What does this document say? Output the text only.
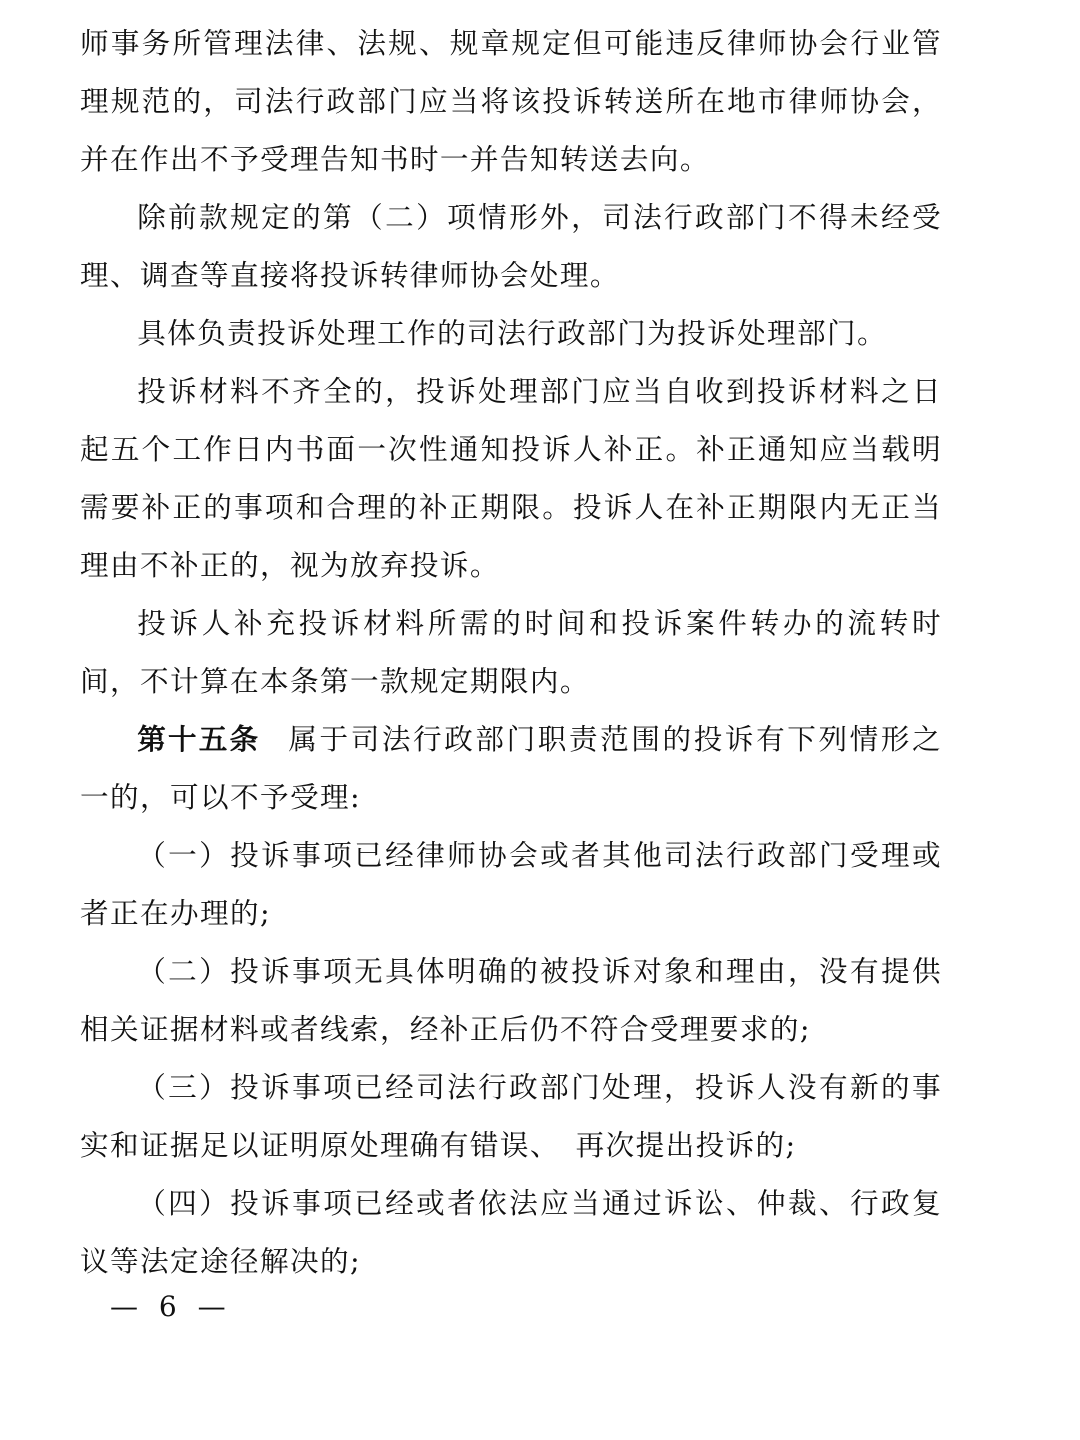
师事务所管理法律、法规、规章规定但可能违反律师协会行业管理规范的，司法行政部门应当将该投诉转送所在地市律师协会，并在作出不予受理告知书时一并告知转送去向。

除前款规定的第（二）项情形外，司法行政部门不得未经受理、调查等直接将投诉转律师协会处理。

具体负责投诉处理工作的司法行政部门为投诉处理部门。

投诉材料不齐全的，投诉处理部门应当自收到投诉材料之日起五个工作日内书面一次性通知投诉人补正。补正通知应当载明需要补正的事项和合理的补正期限。投诉人在补正期限内无正当理由不补正的，视为放弃投诉。

投诉人补充投诉材料所需的时间和投诉案件转办的流转时间，不计算在本条第一款规定期限内。

第十五条 属于司法行政部门职责范围的投诉有下列情形之一的，可以不予受理:

（一）投诉事项已经律师协会或者其他司法行政部门受理或者正在办理的;

（二）投诉事项无具体明确的被投诉对象和理由，没有提供相关证据材料或者线索，经补正后仍不符合受理要求的;

（三）投诉事项已经司法行政部门处理，投诉人没有新的事实和证据足以证明原处理确有错误、　再次提出投诉的;

（四）投诉事项已经或者依法应当通过诉讼、仲裁、行政复议等法定途径解决的;

— 6 —
